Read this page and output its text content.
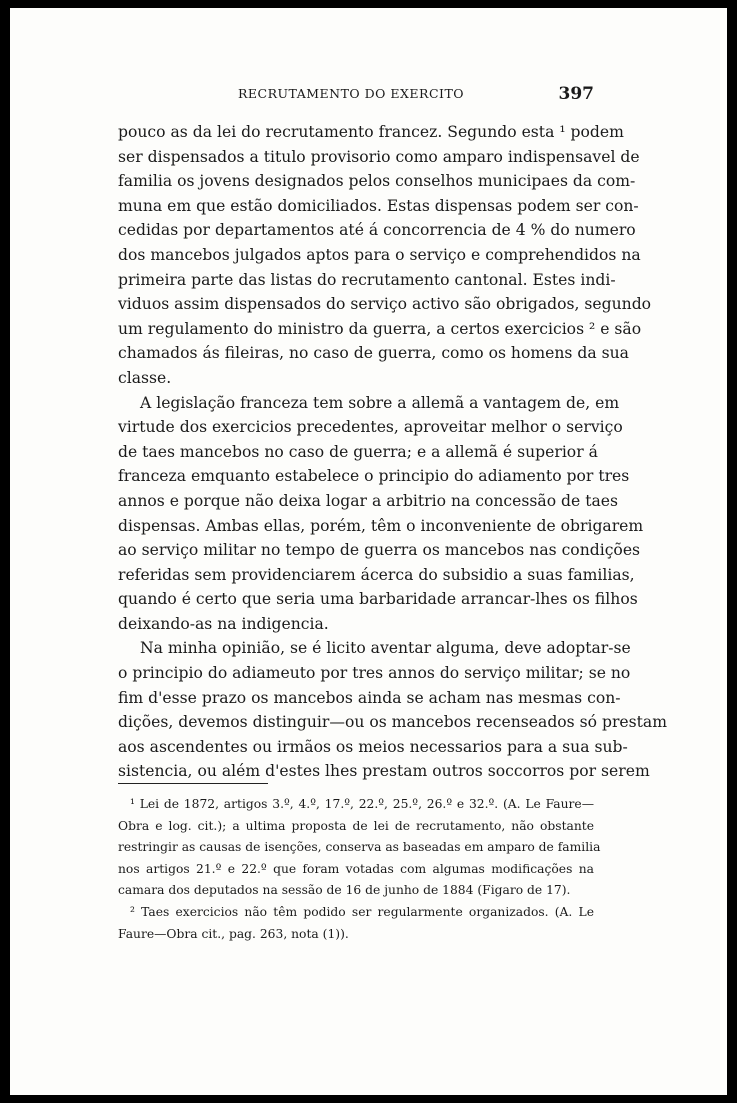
RECRUTAMENTO DO EXERCITO	397
pouco as da lei do recrutamento francez. Segundo esta ¹ podem
ser dispensados a titulo provisorio como amparo indispensavel de
familia os jovens designados pelos conselhos municipaes da com-
muna em que estão domiciliados. Estas dispensas podem ser con-
cedidas por departamentos até á concorrencia de 4 % do numero
dos mancebos julgados aptos para o serviço e comprehendidos na
primeira parte das listas do recrutamento cantonal. Estes indi-
viduos assim dispensados do serviço activo são obrigados, segundo
um regulamento do ministro da guerra, a certos exercicios ² e são
chamados ás fileiras, no caso de guerra, como os homens da sua
classe.
A legislação franceza tem sobre a allemã a vantagem de, em
virtude dos exercicios precedentes, aproveitar melhor o serviço
de taes mancebos no caso de guerra; e a allemã é superior á
franceza emquanto estabelece o principio do adiamento por tres
annos e porque não deixa logar a arbitrio na concessão de taes
dispensas. Ambas ellas, porém, têm o inconveniente de obrigarem
ao serviço militar no tempo de guerra os mancebos nas condições
referidas sem providenciarem ácerca do subsidio a suas familias,
quando é certo que seria uma barbaridade arrancar-lhes os filhos
deixando-as na indigencia.
Na minha opinião, se é licito aventar alguma, deve adoptar-se
o principio do adiameuto por tres annos do serviço militar; se no
fim d'esse prazo os mancebos ainda se acham nas mesmas con-
dições, devemos distinguir—ou os mancebos recenseados só prestam
aos ascendentes ou irmãos os meios necessarios para a sua sub-
sistencia, ou além d'estes lhes prestam outros soccorros por serem
¹ Lei de 1872, artigos 3.º, 4.º, 17.º, 22.º, 25.º, 26.º e 32.º. (A. Le Faure—
Obra e log. cit.); a ultima proposta de lei de recrutamento, não obstante
restringir as causas de isenções, conserva as baseadas em amparo de familia
nos artigos 21.º e 22.º que foram votadas com algumas modificações na
camara dos deputados na sessão de 16 de junho de 1884 (Figaro de 17).
² Taes exercicios não têm podido ser regularmente organizados. (A. Le
Faure—Obra cit., pag. 263, nota (1)).
